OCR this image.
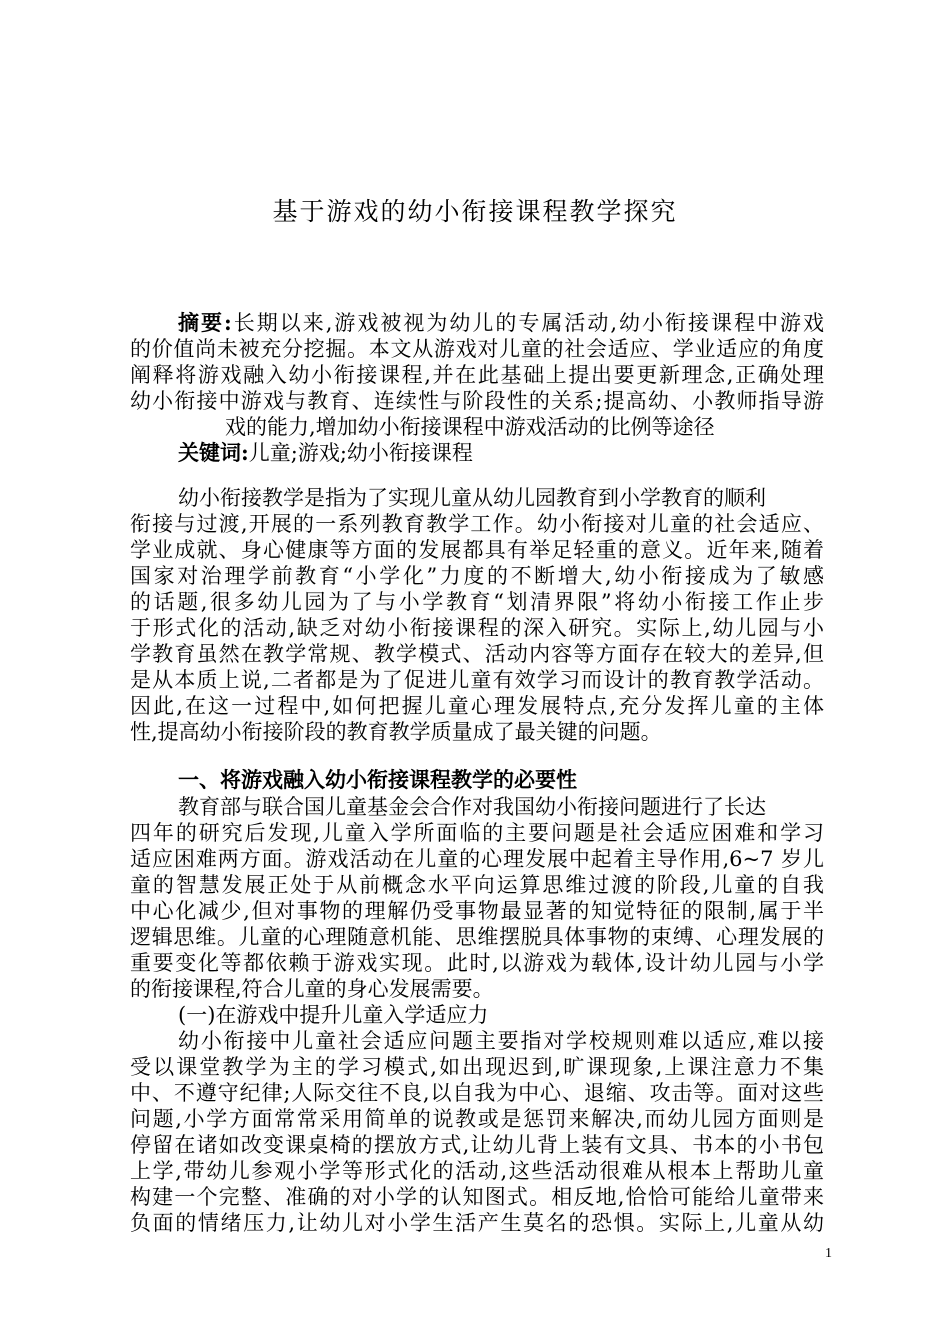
基于游戏的幼小衔接课程教学探究
摘要:长期以来,游戏被视为幼儿的专属活动,幼小衔接课程中游戏
的价值尚未被充分挖掘。本文从游戏对儿童的社会适应、学业适应的角度
阐释将游戏融入幼小衔接课程,并在此基础上提出要更新理念,正确处理
幼小衔接中游戏与教育、连续性与阶段性的关系;提高幼、小教师指导游
戏的能力,增加幼小衔接课程中游戏活动的比例等途径
关键词:儿童;游戏;幼小衔接课程
幼小衔接教学是指为了实现儿童从幼儿园教育到小学教育的顺利
衔接与过渡,开展的一系列教育教学工作。幼小衔接对儿童的社会适应、
学业成就、身心健康等方面的发展都具有举足轻重的意义。近年来,随着
国家对治理学前教育“小学化”力度的不断增大,幼小衔接成为了敏感
的话题,很多幼儿园为了与小学教育“划清界限”将幼小衔接工作止步
于形式化的活动,缺乏对幼小衔接课程的深入研究。实际上,幼儿园与小
学教育虽然在教学常规、教学模式、活动内容等方面存在较大的差异,但
是从本质上说,二者都是为了促进儿童有效学习而设计的教育教学活动。
因此,在这一过程中,如何把握儿童心理发展特点,充分发挥儿童的主体
性,提高幼小衔接阶段的教育教学质量成了最关键的问题。
一、将游戏融入幼小衔接课程教学的必要性
教育部与联合国儿童基金会合作对我国幼小衔接问题进行了长达
四年的研究后发现,儿童入学所面临的主要问题是社会适应困难和学习
适应困难两方面。游戏活动在儿童的心理发展中起着主导作用,6~7 岁儿
童的智慧发展正处于从前概念水平向运算思维过渡的阶段,儿童的自我
中心化减少,但对事物的理解仍受事物最显著的知觉特征的限制,属于半
逻辑思维。儿童的心理随意机能、思维摆脱具体事物的束缚、心理发展的
重要变化等都依赖于游戏实现。此时,以游戏为载体,设计幼儿园与小学
的衔接课程,符合儿童的身心发展需要。
(一)在游戏中提升儿童入学适应力
幼小衔接中儿童社会适应问题主要指对学校规则难以适应,难以接
受以课堂教学为主的学习模式,如出现迟到,旷课现象,上课注意力不集
中、不遵守纪律;人际交往不良,以自我为中心、退缩、攻击等。面对这些
问题,小学方面常常采用简单的说教或是惩罚来解决,而幼儿园方面则是
停留在诸如改变课桌椅的摆放方式,让幼儿背上装有文具、书本的小书包
上学,带幼儿参观小学等形式化的活动,这些活动很难从根本上帮助儿童
构建一个完整、准确的对小学的认知图式。相反地,恰恰可能给儿童带来
负面的情绪压力,让幼儿对小学生活产生莫名的恐惧。实际上,儿童从幼
1
